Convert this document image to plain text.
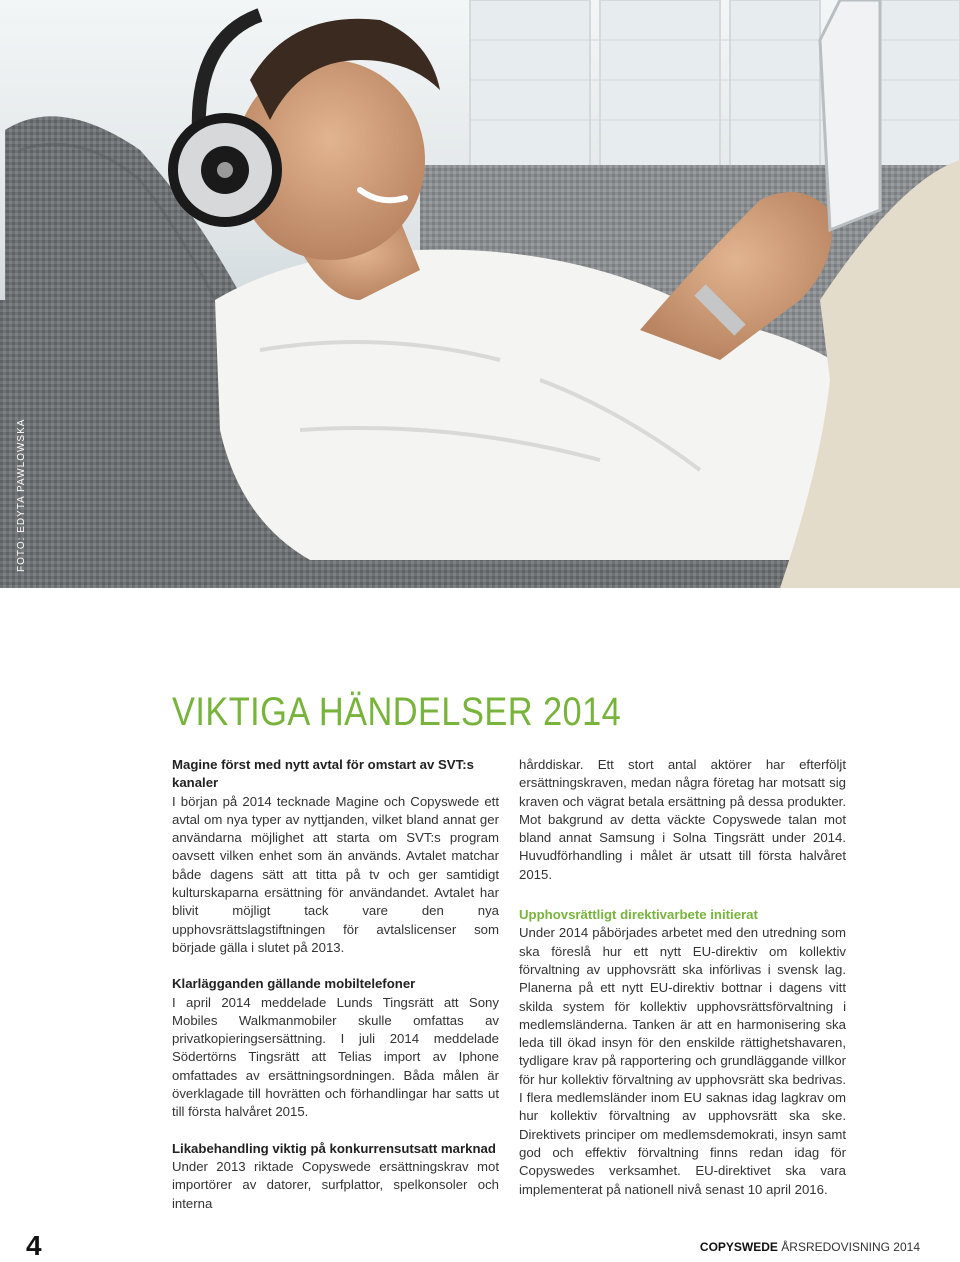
FOTO: EDYTA PAWLOWSKA
VIKTIGA HÄNDELSER 2014

Magine först med nytt avtal för omstart av SVT:s kanaler

I början på 2014 tecknade Magine och Copyswede ett avtal om nya typer av nyttjanden, vilket bland annat ger användarna möjlighet att starta om SVT:s program oavsett vilken enhet som än används. Avtalet matchar både dagens sätt att titta på tv och ger samtidigt kulturskaparna ersättning för användandet. Avtalet har blivit möjligt tack vare den nya upphovsrättslagstiftningen för avtalslicenser som började gälla i slutet på 2013.

Klarlägganden gällande mobiltelefoner

I april 2014 meddelade Lunds Tingsrätt att Sony Mobiles Walkmanmobiler skulle omfattas av privatkopieringsersättning. I juli 2014 meddelade Södertörns Tingsrätt att Telias import av Iphone omfattades av ersättningsordningen. Båda målen är överklagade till hovrätten och förhandlingar har satts ut till första halvåret 2015.

Likabehandling viktig på konkurrensutsatt marknad

Under 2013 riktade Copyswede ersättningskrav mot importörer av datorer, surfplattor, spelkonsoler och interna

hårddiskar. Ett stort antal aktörer har efterföljt ersättningskraven, medan några företag har motsatt sig kraven och vägrat betala ersättning på dessa produkter. Mot bakgrund av detta väckte Copyswede talan mot bland annat Samsung i Solna Tingsrätt under 2014. Huvudförhandling i målet är utsatt till första halvåret 2015.

Upphovsrättligt direktivarbete initierat

Under 2014 påbörjades arbetet med den utredning som ska föreslå hur ett nytt EU-direktiv om kollektiv förvaltning av upphovsrätt ska införlivas i svensk lag. Planerna på ett nytt EU-direktiv bottnar i dagens vitt skilda system för kollektiv upphovsrättsförvaltning i medlemsländerna. Tanken är att en harmonisering ska leda till ökad insyn för den enskilde rättighetshavaren, tydligare krav på rapportering och grundläggande villkor för hur kollektiv förvaltning av upphovsrätt ska bedrivas. I flera medlemsländer inom EU saknas idag lagkrav om hur kollektiv förvaltning av upphovsrätt ska ske. Direktivets principer om medlemsdemokrati, insyn samt god och effektiv förvaltning finns redan idag för Copyswedes verksamhet. EU-direktivet ska vara implementerat på nationell nivå senast 10 april 2016.

4	COPYSWEDE ÅRSREDOVISNING 2014
